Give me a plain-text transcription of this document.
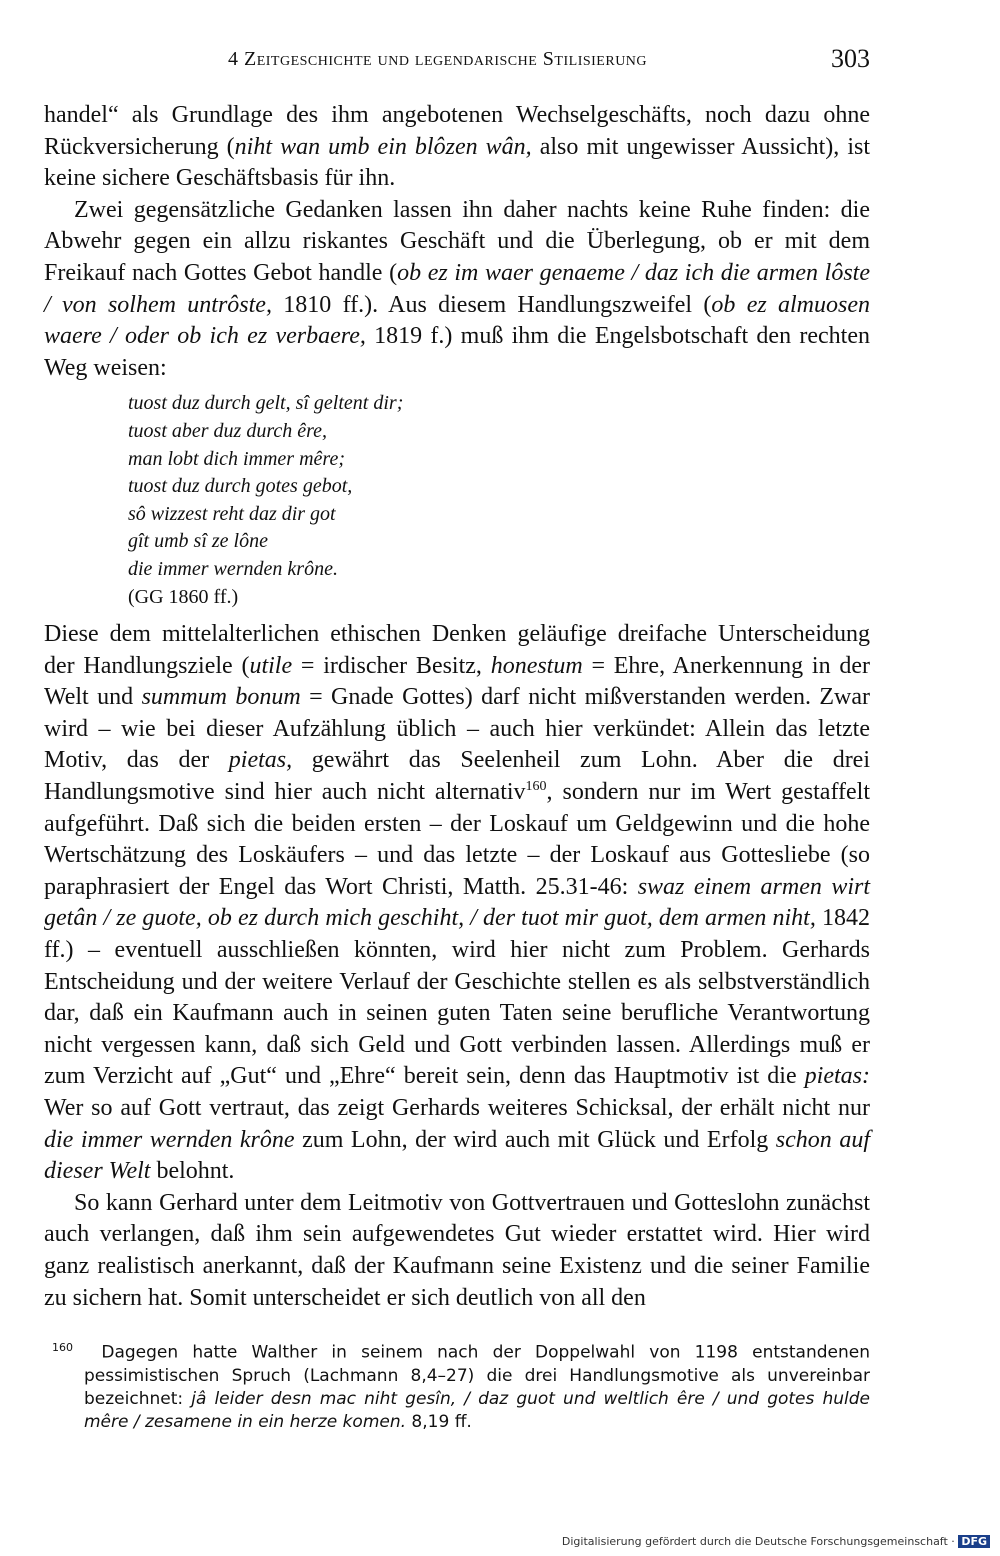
4 Zeitgeschichte und legendarische Stilisierung	303

handel“ als Grundlage des ihm angebotenen Wechselgeschäfts, noch dazu ohne Rückversicherung (niht wan umb ein blôzen wân, also mit ungewisser Aussicht), ist keine sichere Geschäftsbasis für ihn.

Zwei gegensätzliche Gedanken lassen ihn daher nachts keine Ruhe finden: die Abwehr gegen ein allzu riskantes Geschäft und die Überlegung, ob er mit dem Freikauf nach Gottes Gebot handle (ob ez im waer genaeme / daz ich die armen lôste / von solhem untrôste, 1810 ff.). Aus diesem Handlungszweifel (ob ez almuosen waere / oder ob ich ez verbaere, 1819 f.) muß ihm die Engelsbotschaft den rechten Weg weisen:

tuost duz durch gelt, sî geltent dir;
tuost aber duz durch êre,
man lobt dich immer mêre;
tuost duz durch gotes gebot,
sô wizzest reht daz dir got
gît umb sî ze lône
die immer wernden krône.
(GG 1860 ff.)

Diese dem mittelalterlichen ethischen Denken geläufige dreifache Unterscheidung der Handlungsziele (utile = irdischer Besitz, honestum = Ehre, Anerkennung in der Welt und summum bonum = Gnade Gottes) darf nicht mißverstanden werden. Zwar wird – wie bei dieser Aufzählung üblich – auch hier verkündet: Allein das letzte Motiv, das der pietas, gewährt das Seelenheil zum Lohn. Aber die drei Handlungsmotive sind hier auch nicht alternativ$^{160}$, sondern nur im Wert gestaffelt aufgeführt. Daß sich die beiden ersten – der Loskauf um Geldgewinn und die hohe Wertschätzung des Loskäufers – und das letzte – der Loskauf aus Gottesliebe (so paraphrasiert der Engel das Wort Christi, Matth. 25.31-46: swaz einem armen wirt getân / ze guote, ob ez durch mich geschiht, / der tuot mir guot, dem armen niht, 1842 ff.) – eventuell ausschließen könnten, wird hier nicht zum Problem. Gerhards Entscheidung und der weitere Verlauf der Geschichte stellen es als selbstverständlich dar, daß ein Kaufmann auch in seinen guten Taten seine berufliche Verantwortung nicht vergessen kann, daß sich Geld und Gott verbinden lassen. Allerdings muß er zum Verzicht auf „Gut“ und „Ehre“ bereit sein, denn das Hauptmotiv ist die pietas: Wer so auf Gott vertraut, das zeigt Gerhards weiteres Schicksal, der erhält nicht nur die immer wernden krône zum Lohn, der wird auch mit Glück und Erfolg schon auf dieser Welt belohnt.

So kann Gerhard unter dem Leitmotiv von Gottvertrauen und Gotteslohn zunächst auch verlangen, daß ihm sein aufgewendetes Gut wieder erstattet wird. Hier wird ganz realistisch anerkannt, daß der Kaufmann seine Existenz und die seiner Familie zu sichern hat. Somit unterscheidet er sich deutlich von all den

$^{160}$ Dagegen hatte Walther in seinem nach der Doppelwahl von 1198 entstandenen pessimistischen Spruch (Lachmann 8,4–27) die drei Handlungsmotive als unvereinbar bezeichnet: jâ leider desn mac niht gesîn, / daz guot und weltlich êre / und gotes hulde mêre / zesamene in ein herze komen. 8,19 ff.
Digitalisierung gefördert durch die Deutsche Forschungsgemeinschaft · DFG
